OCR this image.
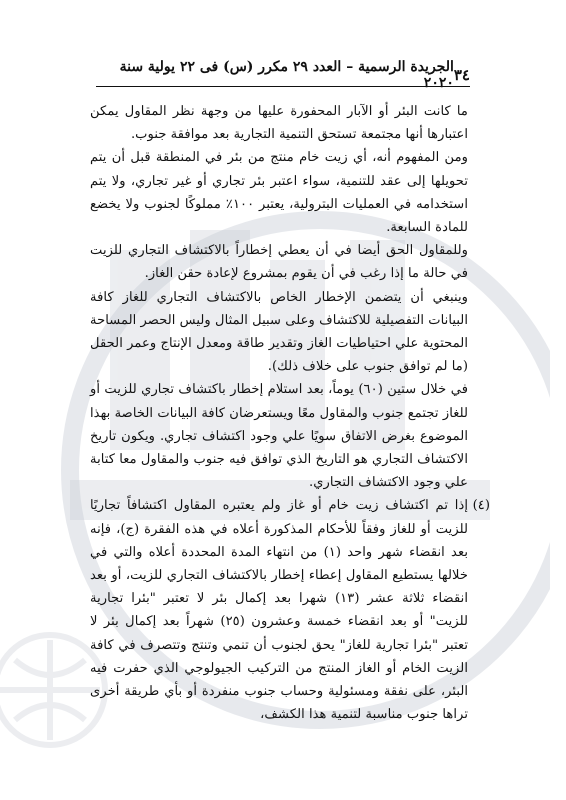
٣٤
الجريدة الرسمية – العدد ٢٩ مكرر (س) فى ٢٢ يولية سنة ٢٠٢٠

ما كانت البئر أو الآبار المحفورة عليها من وجهة نظر المقاول يمكن اعتبارها أنها مجتمعة تستحق التنمية التجارية بعد موافقة جنوب.

ومن المفهوم أنه، أي زيت خام منتج من بئر في المنطقة قبل أن يتم تحويلها إلى عقد للتنمية، سواء اعتبر بئر تجاري أو غير تجاري، ولا يتم استخدامه في العمليات البترولية، يعتبر ١٠٠٪ مملوكًا لجنوب ولا يخضع للمادة السابعة.

وللمقاول الحق أيضا في أن يعطي إخطاراً بالاكتشاف التجاري للزيت في حالة ما إذا رغب في أن يقوم بمشروع لإعادة حقن الغاز.

وينبغي أن يتضمن الإخطار الخاص بالاكتشاف التجاري للغاز كافة البيانات التفصيلية للاكتشاف وعلى سبيل المثال وليس الحصر المساحة المحتوية علي احتياطيات الغاز وتقدير طاقة ومعدل الإنتاج وعمر الحقل (ما لم توافق جنوب على خلاف ذلك).

في خلال ستين (٦٠) يوماً، بعد استلام إخطار باكتشاف تجاري للزيت أو للغاز تجتمع جنوب والمقاول معًا ويستعرضان كافة البيانات الخاصة بهذا الموضوع بغرض الاتفاق سويًا علي وجود اكتشاف تجاري. ويكون تاريخ الاكتشاف التجاري هو التاريخ الذي توافق فيه جنوب والمقاول معا كتابة علي وجود الاكتشاف التجاري.

(٤)
إذا تم اكتشاف زيت خام أو غاز ولم يعتبره المقاول اكتشافاً تجاريًا للزيت أو للغاز وفقاً للأحكام المذكورة أعلاه في هذه الفقرة (ج)، فإنه بعد انقضاء شهر واحد (١) من انتهاء المدة المحددة أعلاه والتي في خلالها يستطيع المقاول إعطاء إخطار بالاكتشاف التجاري للزيت، أو بعد انقضاء ثلاثة عشر (١٣) شهرا بعد إكمال بئر لا تعتبر "بئرا تجارية للزيت" أو بعد انقضاء خمسة وعشرون (٢٥) شهراً بعد إكمال بئر لا تعتبر "بئرا تجارية للغاز" يحق لجنوب أن تنمي وتنتج وتتصرف في كافة الزيت الخام أو الغاز المنتج من التركيب الجيولوجي الذي حفرت فيه البئر، على نفقة ومسئولية وحساب جنوب منفردة أو بأي طريقة أخرى تراها جنوب مناسبة لتنمية هذا الكشف،
